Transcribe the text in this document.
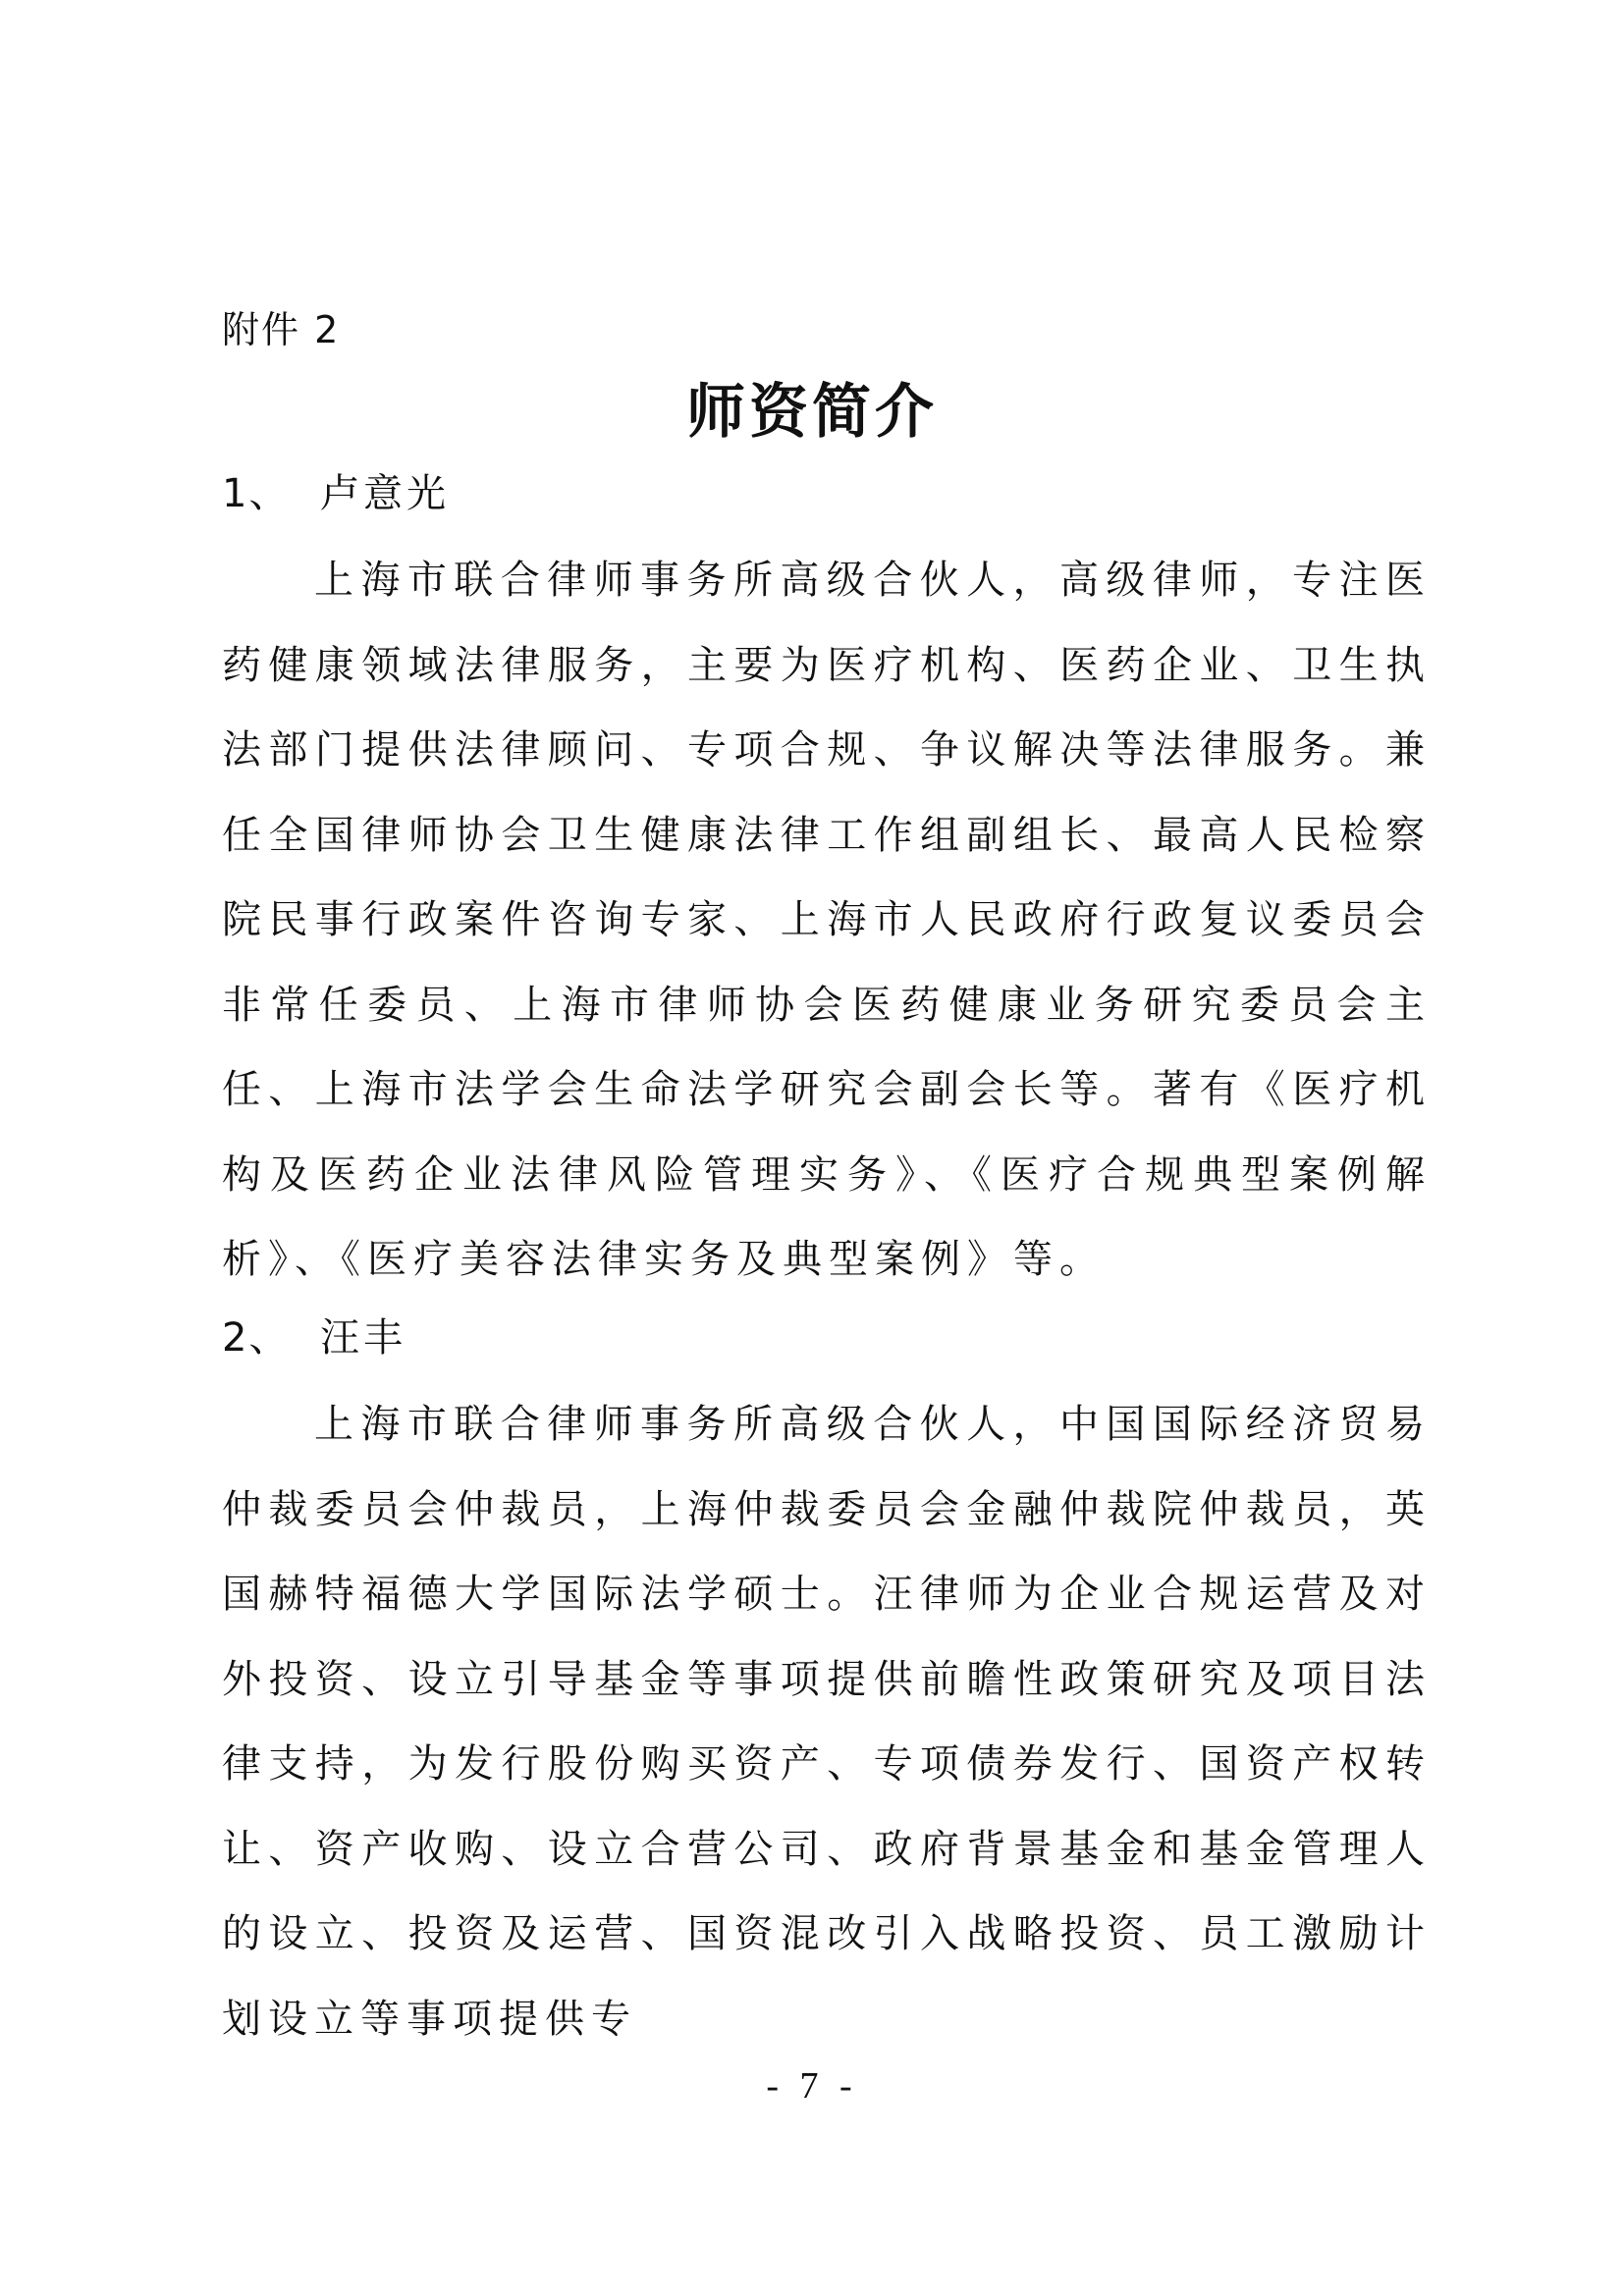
附件 2
师资简介
1、 卢意光

上海市联合律师事务所高级合伙人，高级律师，专注医药健康领域法律服务，主要为医疗机构、医药企业、卫生执法部门提供法律顾问、专项合规、争议解决等法律服务。兼任全国律师协会卫生健康法律工作组副组长、最高人民检察院民事行政案件咨询专家、上海市人民政府行政复议委员会非常任委员、上海市律师协会医药健康业务研究委员会主任、上海市法学会生命法学研究会副会长等。著有《医疗机构及医药企业法律风险管理实务》、《医疗合规典型案例解析》、《医疗美容法律实务及典型案例》等。

2、 汪丰

上海市联合律师事务所高级合伙人，中国国际经济贸易仲裁委员会仲裁员，上海仲裁委员会金融仲裁院仲裁员，英国赫特福德大学国际法学硕士。汪律师为企业合规运营及对外投资、设立引导基金等事项提供前瞻性政策研究及项目法律支持，为发行股份购买资产、专项债券发行、国资产权转让、资产收购、设立合营公司、政府背景基金和基金管理人的设立、投资及运营、国资混改引入战略投资、员工激励计划设立等事项提供专

- 7 -
